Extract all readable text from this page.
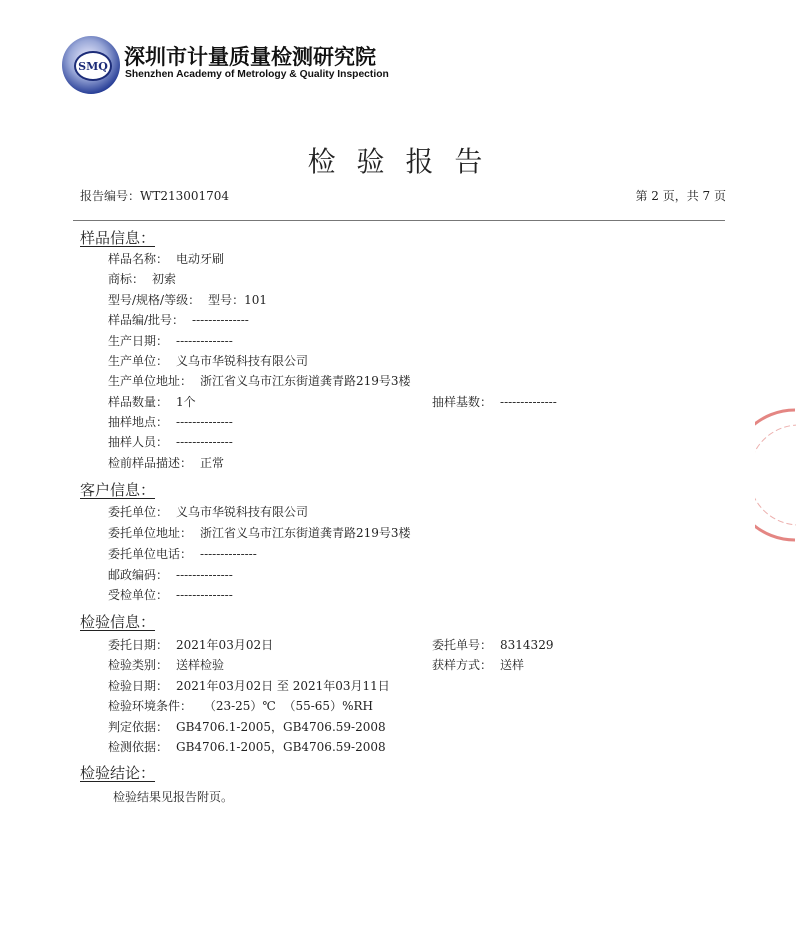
SMQ 深圳市计量质量检测研究院
Shenzhen Academy of Metrology & Quality Inspection
检 验 报 告
报告编号：WT213001704	第 2 页，共 7 页
样品信息：
样品名称： 电动牙刷
商标： 初索
型号/规格/等级： 型号：101
样品编/批号： --------------
生产日期： --------------
生产单位： 义乌市华锐科技有限公司
生产单位地址： 浙江省义乌市江东街道龚青路219号3楼
样品数量： 1个	抽样基数： --------------
抽样地点： --------------
抽样人员： --------------
检前样品描述： 正常
客户信息：
委托单位： 义乌市华锐科技有限公司
委托单位地址： 浙江省义乌市江东街道龚青路219号3楼
委托单位电话： --------------
邮政编码： --------------
受检单位： --------------
检验信息：
委托日期： 2021年03月02日	委托单号： 8314329
检验类别： 送样检验	获样方式： 送样
检验日期： 2021年03月02日 至 2021年03月11日
检验环境条件： （23-25）℃  （55-65）%RH
判定依据： GB4706.1-2005，GB4706.59-2008
检测依据： GB4706.1-2005，GB4706.59-2008
检验结论：
检验结果见报告附页。
